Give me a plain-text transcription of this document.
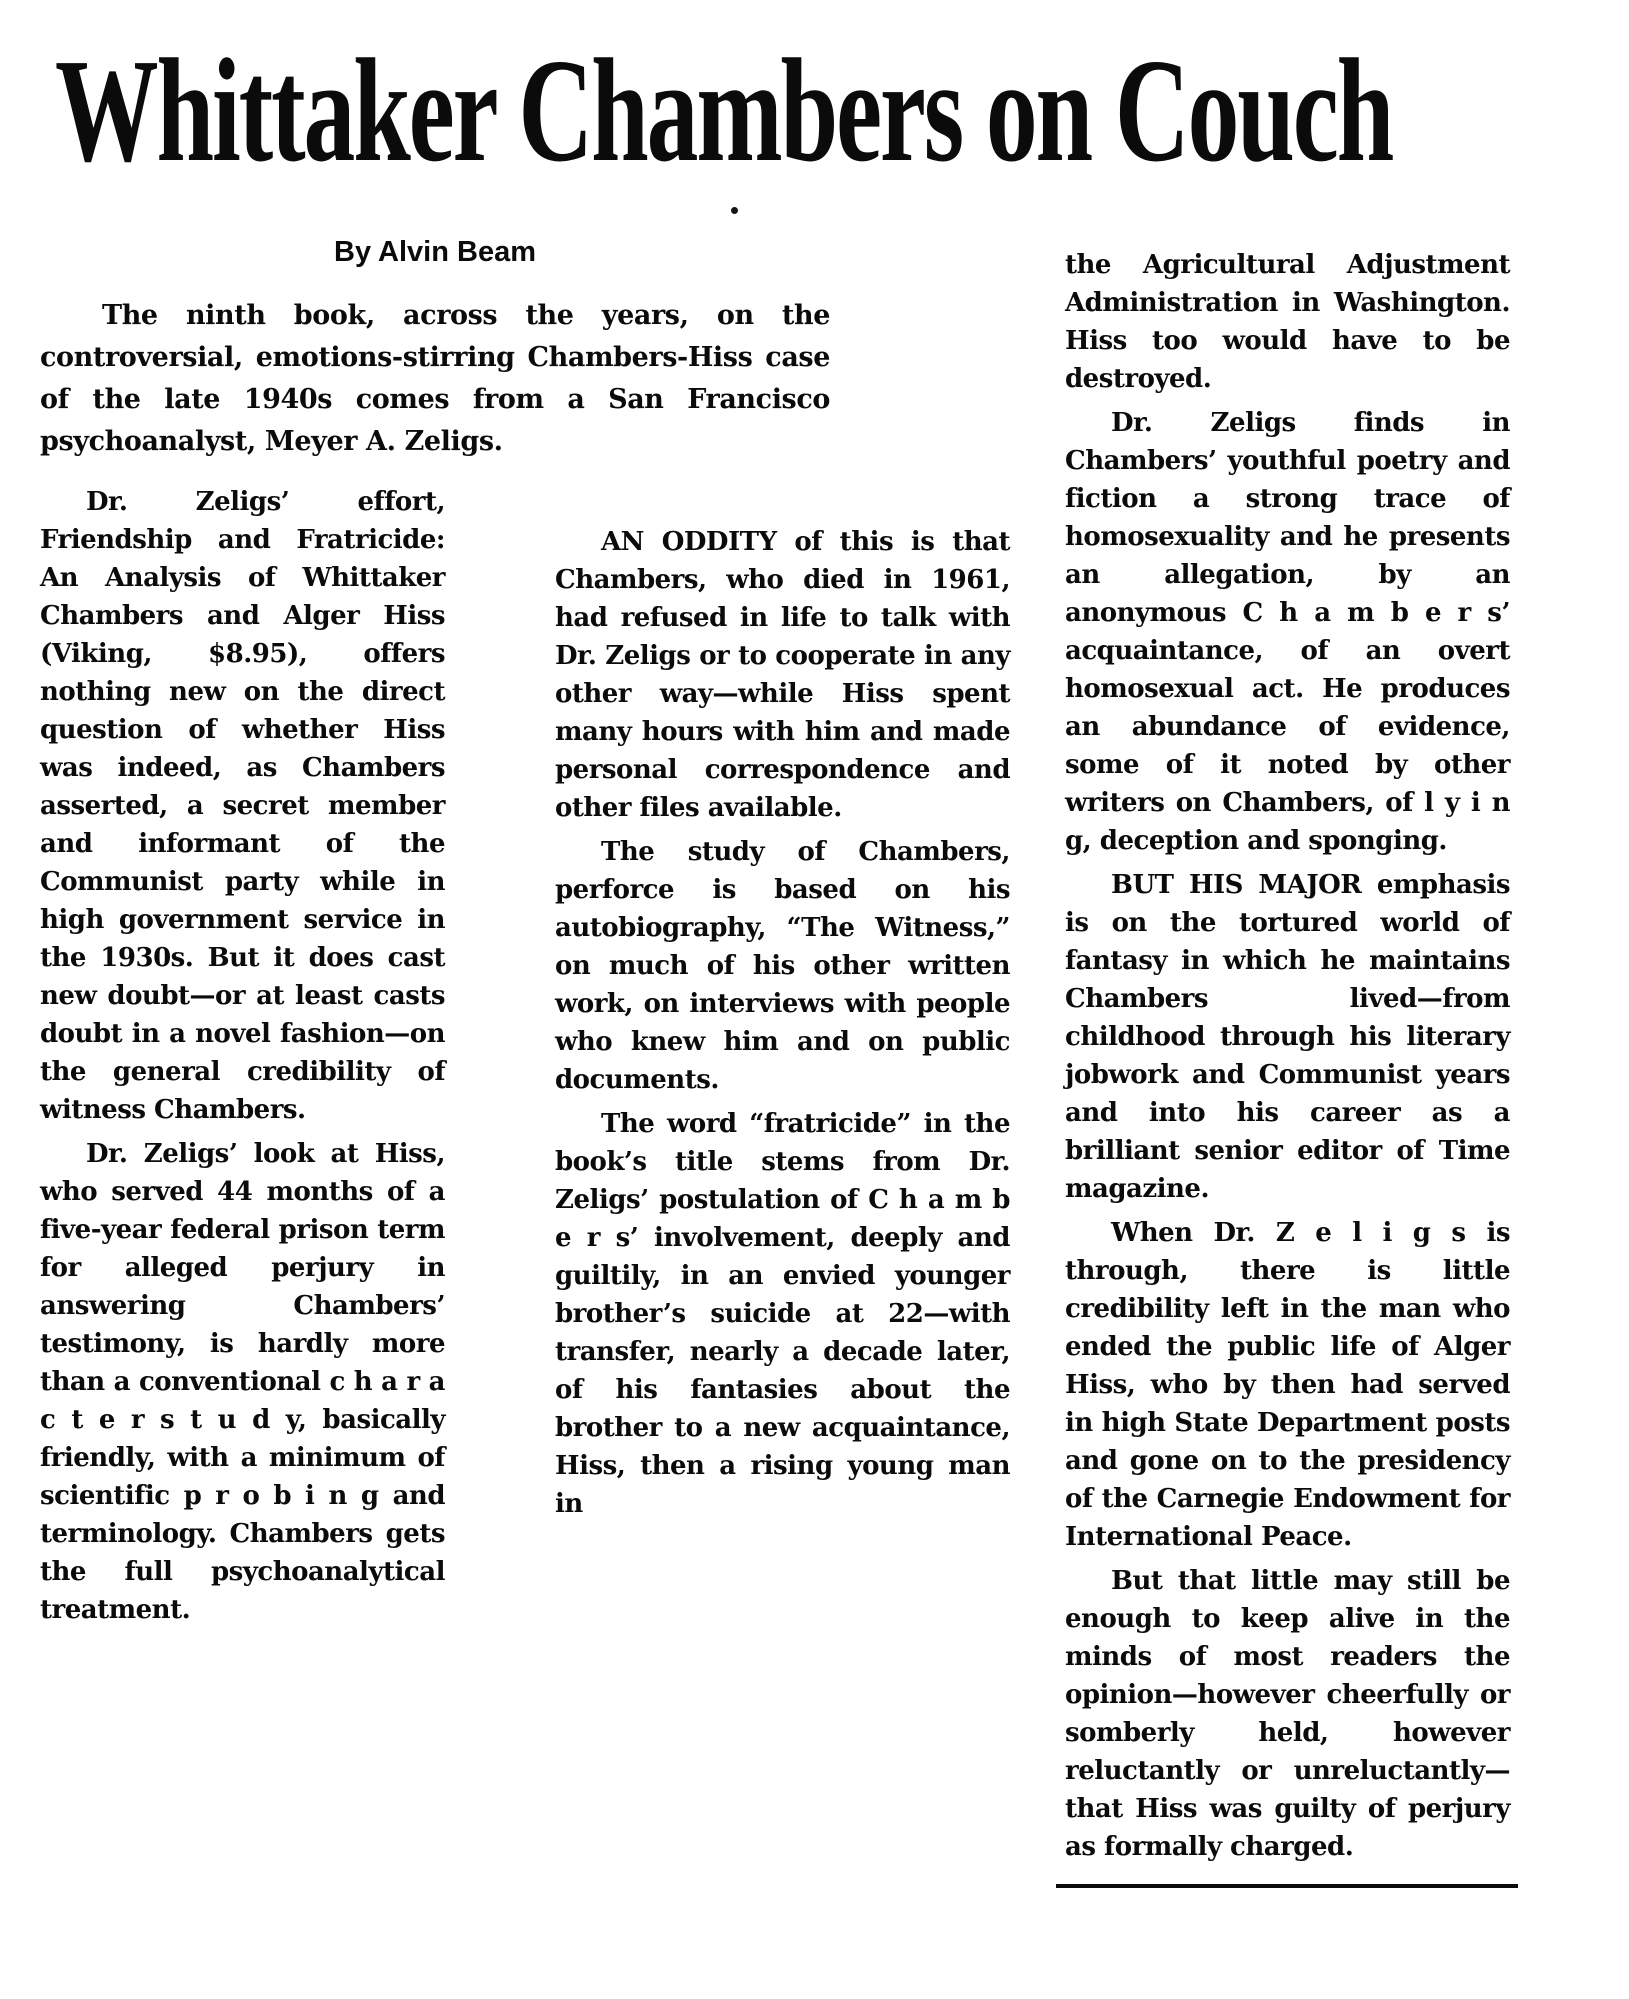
Whittaker Chambers on Couch
By Alvin Beam
The ninth book, across the years, on the controversial, emotions-stirring Chambers-Hiss case of the late 1940s comes from a San Francisco psychoanalyst, Meyer A. Zeligs.

Dr. Zeligs’ effort, Friendship and Fratricide: An Analysis of Whittaker Chambers and Alger Hiss (Viking, $8.95), offers nothing new on the direct question of whether Hiss was indeed, as Chambers asserted, a secret member and informant of the Communist party while in high government service in the 1930s. But it does cast new doubt—or at least casts doubt in a novel fashion—on the general credibility of witness Chambers.

Dr. Zeligs’ look at Hiss, who served 44 months of a five-year federal prison term for alleged perjury in answering Chambers’ testimony, is hardly more than a conventional c h a r a c t e r s t u d y, basically friendly, with a minimum of scientific p r o b i n g and terminology. Chambers gets the full psychoanalytical treatment.

AN ODDITY of this is that Chambers, who died in 1961, had refused in life to talk with Dr. Zeligs or to cooperate in any other way—while Hiss spent many hours with him and made personal correspondence and other files available.

The study of Chambers, perforce is based on his autobiography, “The Witness,” on much of his other written work, on interviews with people who knew him and on public documents.

The word “fratricide” in the book’s title stems from Dr. Zeligs’ postulation of C h a m b e r s’ involvement, deeply and guiltily, in an envied younger brother’s suicide at 22—with transfer, nearly a decade later, of his fantasies about the brother to a new acquaintance, Hiss, then a rising young man in

the Agricultural Adjustment Administration in Washington. Hiss too would have to be destroyed.

Dr. Zeligs finds in Chambers’ youthful poetry and fiction a strong trace of homosexuality and he presents an allegation, by an anonymous C h a m b e r s’ acquaintance, of an overt homosexual act. He produces an abundance of evidence, some of it noted by other writers on Chambers, of l y i n g, deception and sponging.

BUT HIS MAJOR emphasis is on the tortured world of fantasy in which he maintains Chambers lived—from childhood through his literary jobwork and Communist years and into his career as a brilliant senior editor of Time magazine.

When Dr. Z e l i g s is through, there is little credibility left in the man who ended the public life of Alger Hiss, who by then had served in high State Department posts and gone on to the presidency of the Carnegie Endowment for International Peace.

But that little may still be enough to keep alive in the minds of most readers the opinion—however cheerfully or somberly held, however reluctantly or unreluctantly—that Hiss was guilty of perjury as formally charged.
